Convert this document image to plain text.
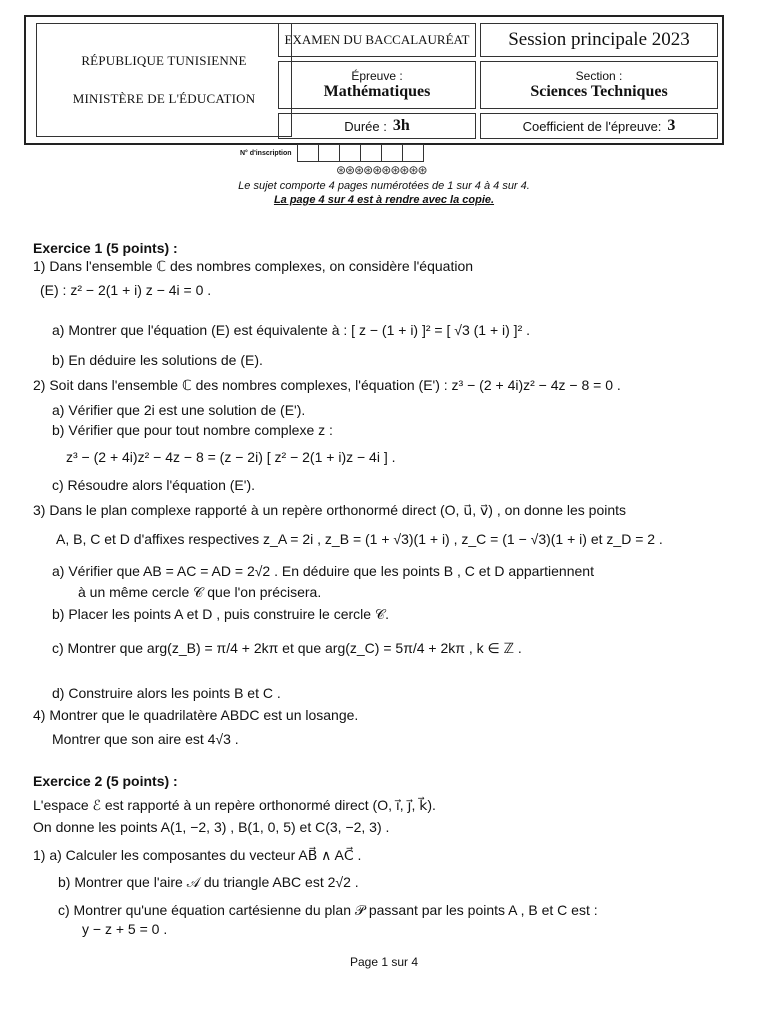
RÉPUBLIQUE TUNISIENNE
MINISTÈRE DE L'ÉDUCATION
EXAMEN DU BACCALAURÉAT Session principale 2023
Épreuve :
Mathématiques
Section :
Sciences Techniques
Durée : 3h	Coefficient de l'épreuve: 3
N° d'inscription
⊛⊛⊛⊛⊛⊛⊛⊛⊛⊛
Le sujet comporte 4 pages numérotées de 1 sur 4 à 4 sur 4.
La page 4 sur 4 est à rendre avec la copie.
Exercice 1 (5 points) :
1) Dans l'ensemble ℂ des nombres complexes, on considère l'équation
(E) : z² − 2(1 + i) z − 4i = 0 .
a) Montrer que l'équation (E) est équivalente à : [ z − (1 + i) ]² = [ √3 (1 + i) ]² .
b) En déduire les solutions de (E).
2) Soit dans l'ensemble ℂ des nombres complexes, l'équation (E') : z³ − (2 + 4i)z² − 4z − 8 = 0 .
a) Vérifier que 2i est une solution de (E').
b) Vérifier que pour tout nombre complexe z :
z³ − (2 + 4i)z² − 4z − 8 = (z − 2i) [ z² − 2(1 + i)z − 4i ] .
c) Résoudre alors l'équation (E').
3) Dans le plan complexe rapporté à un repère orthonormé direct (O, u⃗, v⃗) , on donne les points
A, B, C et D d'affixes respectives z_A = 2i , z_B = (1 + √3)(1 + i) , z_C = (1 − √3)(1 + i) et z_D = 2 .
a) Vérifier que AB = AC = AD = 2√2 . En déduire que les points B , C et D appartiennent
à un même cercle 𝒞 que l'on précisera.
b) Placer les points A et D , puis construire le cercle 𝒞.
c) Montrer que arg(z_B) = π/4 + 2kπ et que arg(z_C) = 5π/4 + 2kπ , k ∈ ℤ .
d) Construire alors les points B et C .
4) Montrer que le quadrilatère ABDC est un losange.
Montrer que son aire est 4√3 .
Exercice 2 (5 points) :
L'espace ℰ est rapporté à un repère orthonormé direct (O, i⃗, j⃗, k⃗).
On donne les points A(1, −2, 3) , B(1, 0, 5) et C(3, −2, 3) .
1) a) Calculer les composantes du vecteur AB⃗ ∧ AC⃗ .
b) Montrer que l'aire 𝒜 du triangle ABC est 2√2 .
c) Montrer qu'une équation cartésienne du plan 𝒫 passant par les points A , B et C est :
y − z + 5 = 0 .
Page 1 sur 4
